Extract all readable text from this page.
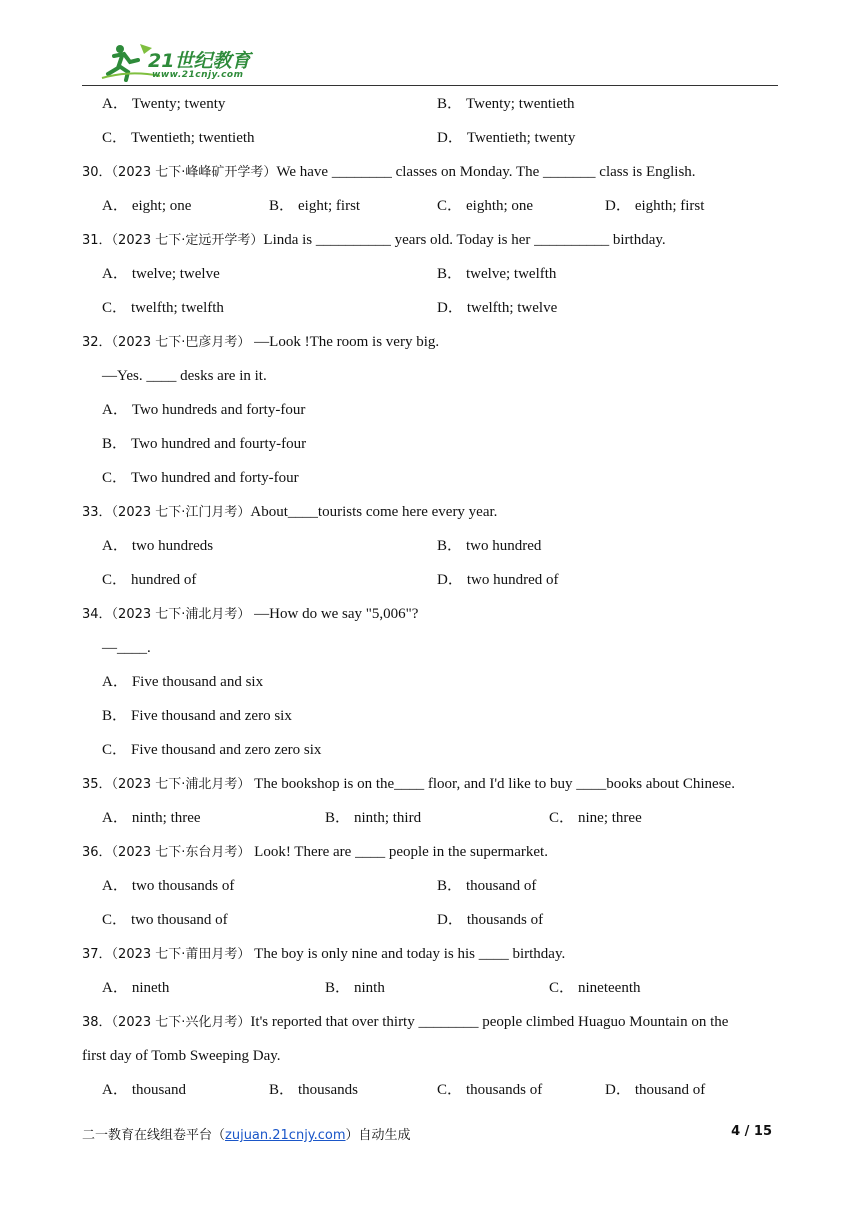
21世纪教育
www.21cnjy.com
A． Twenty; twenty	B． Twenty; twentieth
C． Twentieth; twentieth	D． Twentieth; twenty
30．（2023 七下·峰峰矿开学考）We have ________ classes on Monday. The _______ class is English.
A． eight; one	B． eight; first	C． eighth; one	D． eighth; first
31．（2023 七下·定远开学考）Linda is __________ years old. Today is her __________ birthday.
A． twelve; twelve	B． twelve; twelfth
C． twelfth; twelfth	D． twelfth; twelve
32．（2023 七下·巴彦月考） —Look !The room is very big.
—Yes. ____ desks are in it.
A． Two hundreds and forty-four
B． Two hundred and fourty-four
C． Two hundred and forty-four
33．（2023 七下·江门月考）About____tourists come here every year.
A． two hundreds	B． two hundred
C． hundred of	D． two hundred of
34．（2023 七下·浦北月考） —How do we say "5,006"?
—____.
A． Five thousand and six
B． Five thousand and zero six
C． Five thousand and zero zero six
35．（2023 七下·浦北月考） The bookshop is on the____ floor, and I'd like to buy ____books about Chinese.
A． ninth; three	B． ninth; third	C． nine; three
36．（2023 七下·东台月考） Look! There are ____ people in the supermarket.
A． two thousands of	B． thousand of
C． two thousand of	D． thousands of
37．（2023 七下·莆田月考） The boy is only nine and today is his ____ birthday.
A． nineth	B． ninth	C． nineteenth
38．（2023 七下·兴化月考）It's reported that over thirty ________ people climbed Huaguo Mountain on the
first day of Tomb Sweeping Day.
A． thousand	B． thousands	C． thousands of	D． thousand of
二一教育在线组卷平台（zujuan.21cnjy.com）自动生成	4 / 15
